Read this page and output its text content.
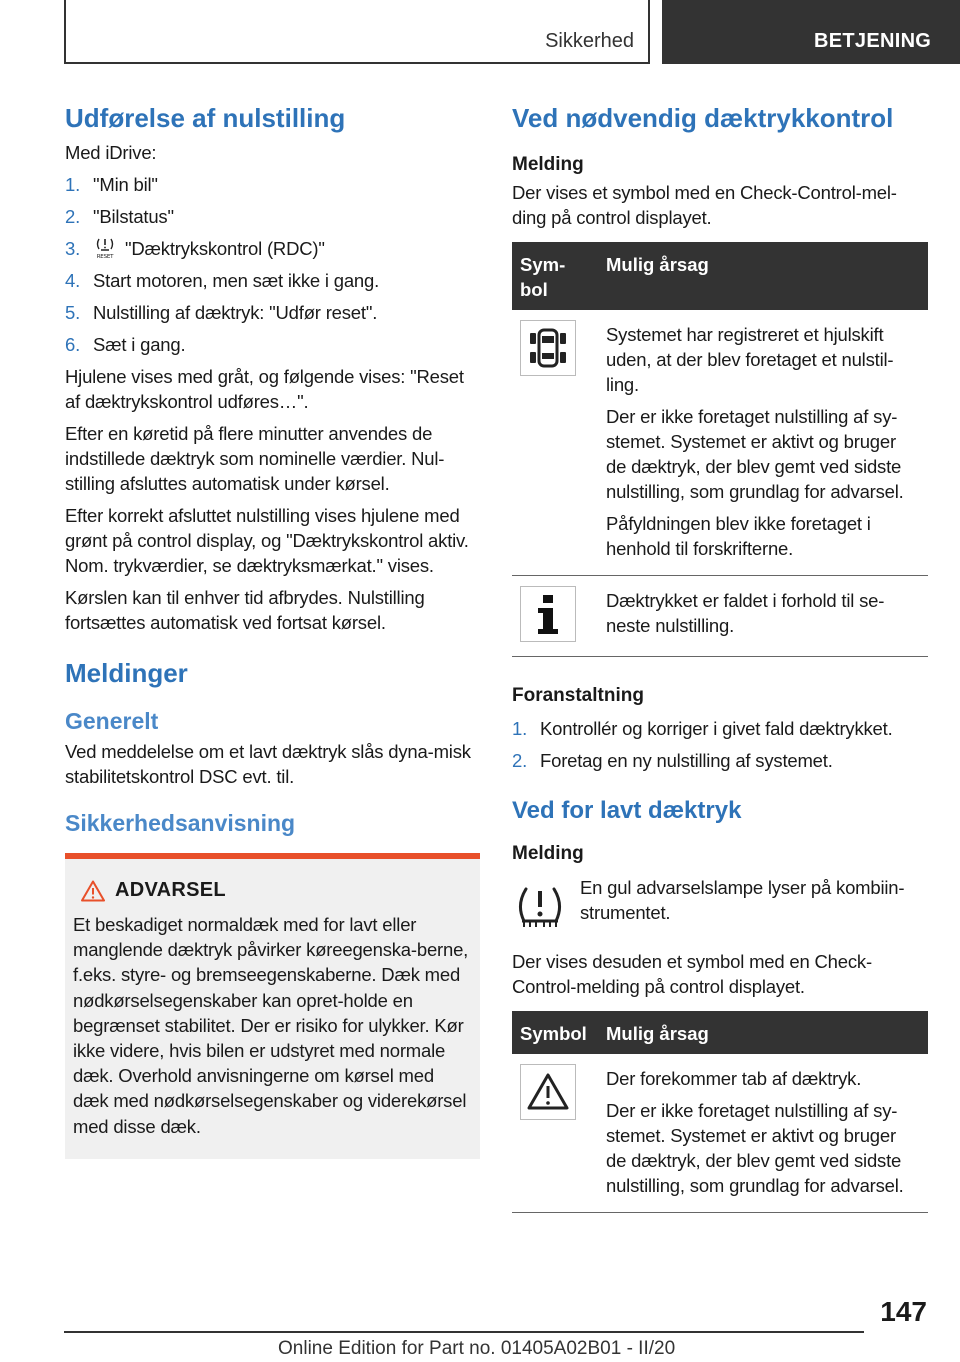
Sikkerhed	BETJENING
Udførelse af nulstilling

Med iDrive:

1. "Min bil"
2. "Bilstatus"
3.	RESET "Dæktrykskontrol (RDC)"
4. Start motoren, men sæt ikke i gang.
5. Nulstilling af dæktryk: "Udfør reset".
6. Sæt i gang.

Hjulene vises med gråt, og følgende vises: "Reset af dæktrykskontrol udføres…".

Efter en køretid på flere minutter anvendes de indstillede dæktryk som nominelle værdier. Nul-stilling afsluttes automatisk under kørsel.

Efter korrekt afsluttet nulstilling vises hjulene med grønt på control display, og "Dæktrykskontrol aktiv. Nom. trykværdier, se dæktryksmærkat." vises.

Kørslen kan til enhver tid afbrydes. Nulstilling fortsættes automatisk ved fortsat kørsel.

Meldinger
Generelt

Ved meddelelse om et lavt dæktryk slås dyna-misk stabilitetskontrol DSC evt. til.

Sikkerhedsanvisning
ADVARSEL

Et beskadiget normaldæk med for lavt eller manglende dæktryk påvirker køreegenska-berne, f.eks. styre- og bremseegenskaberne. Dæk med nødkørselsegenskaber kan opret-holde en begrænset stabilitet. Der er risiko for ulykker. Kør ikke videre, hvis bilen er udstyret med normale dæk. Overhold anvisningerne om kørsel med dæk med nødkørselsegenskaber og viderekørsel med disse dæk.

Ved nødvendig dæktrykkontrol
Melding

Der vises et symbol med en Check-Control-mel-ding på control displayet.

Sym-bol	Mulig årsag

Systemet har registreret et hjulskift uden, at der blev foretaget et nulstil-ling.

Der er ikke foretaget nulstilling af sy-stemet. Systemet er aktivt og bruger de dæktryk, der blev gemt ved sidste nulstilling, som grundlag for advarsel.

Påfyldningen blev ikke foretaget i henhold til forskrifterne.

Dæktrykket er faldet i forhold til se-neste nulstilling.

Foranstaltning
1. Kontrollér og korriger i givet fald dæktrykket.
2. Foretag en ny nulstilling af systemet.
Ved for lavt dæktryk
Melding

En gul advarselslampe lyser på kombiin-strumentet.

Der vises desuden et symbol med en Check-Control-melding på control displayet.

Symbol	Mulig årsag

Der forekommer tab af dæktryk.

Der er ikke foretaget nulstilling af sy-stemet. Systemet er aktivt og bruger de dæktryk, der blev gemt ved sidste nulstilling, som grundlag for advarsel.

147
Online Edition for Part no. 01405A02B01 - II/20
